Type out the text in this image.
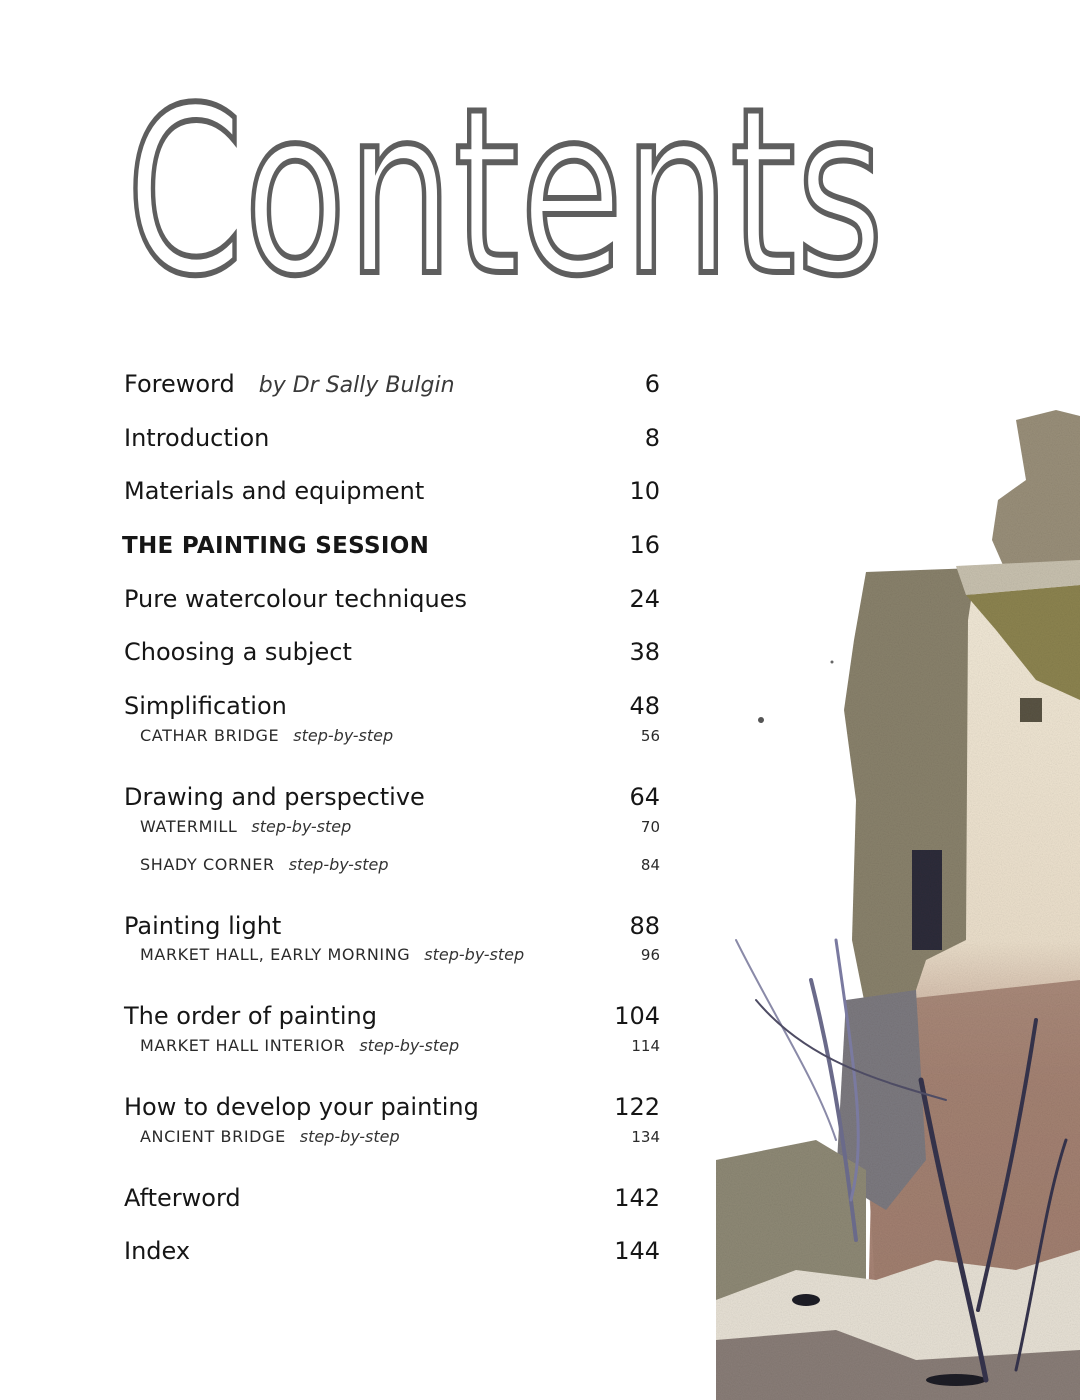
Contents
Foreword by Dr Sally Bulgin	6
Introduction	8
Materials and equipment	10
THE PAINTING SESSION	16
Pure watercolour techniques	24
Choosing a subject	38
Simplification	48
CATHAR BRIDGE step-by-step	56
Drawing and perspective	64
WATERMILL step-by-step	70
SHADY CORNER step-by-step	84
Painting light	88
MARKET HALL, EARLY MORNING step-by-step	96
The order of painting	104
MARKET HALL INTERIOR step-by-step	114
How to develop your painting	122
ANCIENT BRIDGE step-by-step	134
Afterword	142
Index	144
